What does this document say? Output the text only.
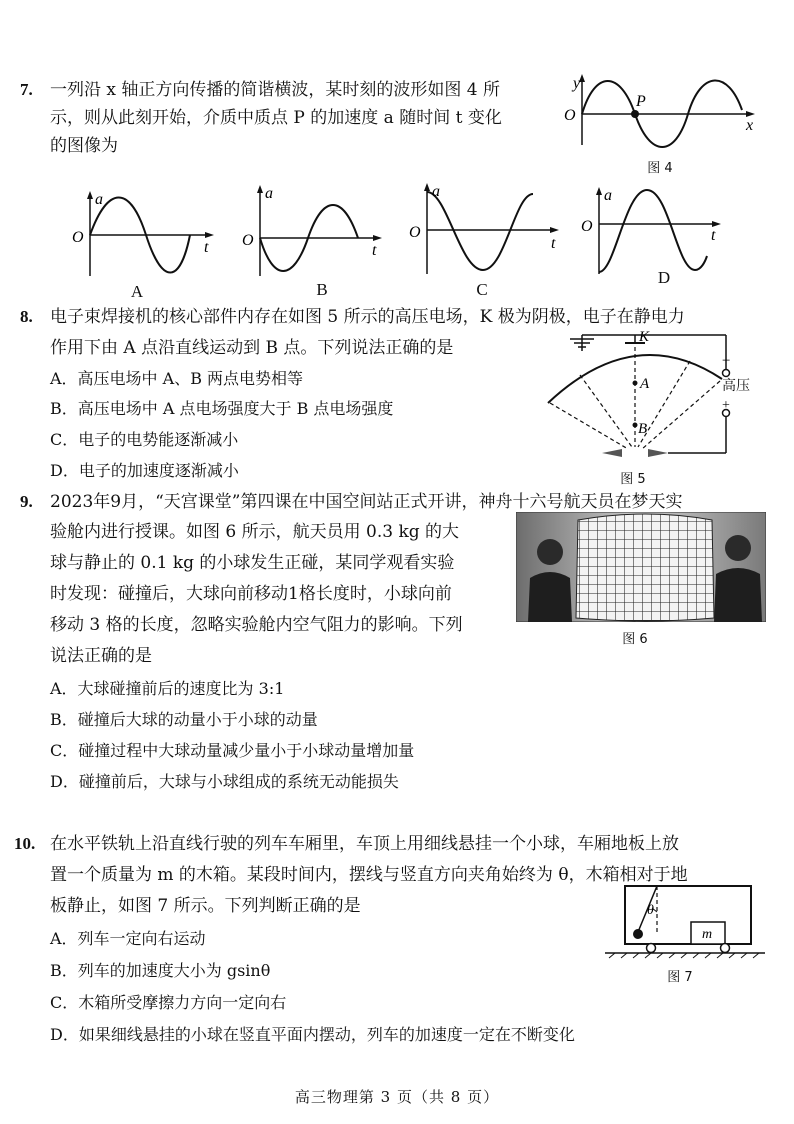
7. 一列沿 x 轴正方向传播的简谐横波，某时刻的波形如图 4 所
示，则从此刻开始，介质中质点 P 的加速度 a 随时间 t 变化
的图像为
y
x
O
P
图 4
a
O
t
a
O
t
a
O
t
a
O
t
A	B	C
D
8. 电子束焊接机的核心部件内存在如图 5 所示的高压电场，K 极为阴极，电子在静电力
作用下由 A 点沿直线运动到 B 点。下列说法正确的是
A．高压电场中 A、B 两点电势相等
B．高压电场中 A 点电场强度大于 B 点电场强度
C．电子的电势能逐渐减小
D．电子的加速度逐渐减小
K
A
B
−
+
高压
图 5
9. 2023年9月，“天宫课堂”第四课在中国空间站正式开讲，神舟十六号航天员在梦天实
验舱内进行授课。如图 6 所示，航天员用 0.3 kg 的大
球与静止的 0.1 kg 的小球发生正碰，某同学观看实验
时发现：碰撞后，大球向前移动1格长度时，小球向前
移动 3 格的长度，忽略实验舱内空气阻力的影响。下列
说法正确的是
A．大球碰撞前后的速度比为 3:1
B．碰撞后大球的动量小于小球的动量
C．碰撞过程中大球动量减少量小于小球动量增加量
D．碰撞前后，大球与小球组成的系统无动能损失
图 6
10. 在水平铁轨上沿直线行驶的列车车厢里，车顶上用细线悬挂一个小球，车厢地板上放
置一个质量为 m 的木箱。某段时间内，摆线与竖直方向夹角始终为 θ，木箱相对于地
板静止，如图 7 所示。下列判断正确的是
A．列车一定向右运动
B．列车的加速度大小为 gsinθ
C．木箱所受摩擦力方向一定向右
D．如果细线悬挂的小球在竖直平面内摆动，列车的加速度一定在不断变化
θ
m
图 7
高三物理第 3 页（共 8 页）
